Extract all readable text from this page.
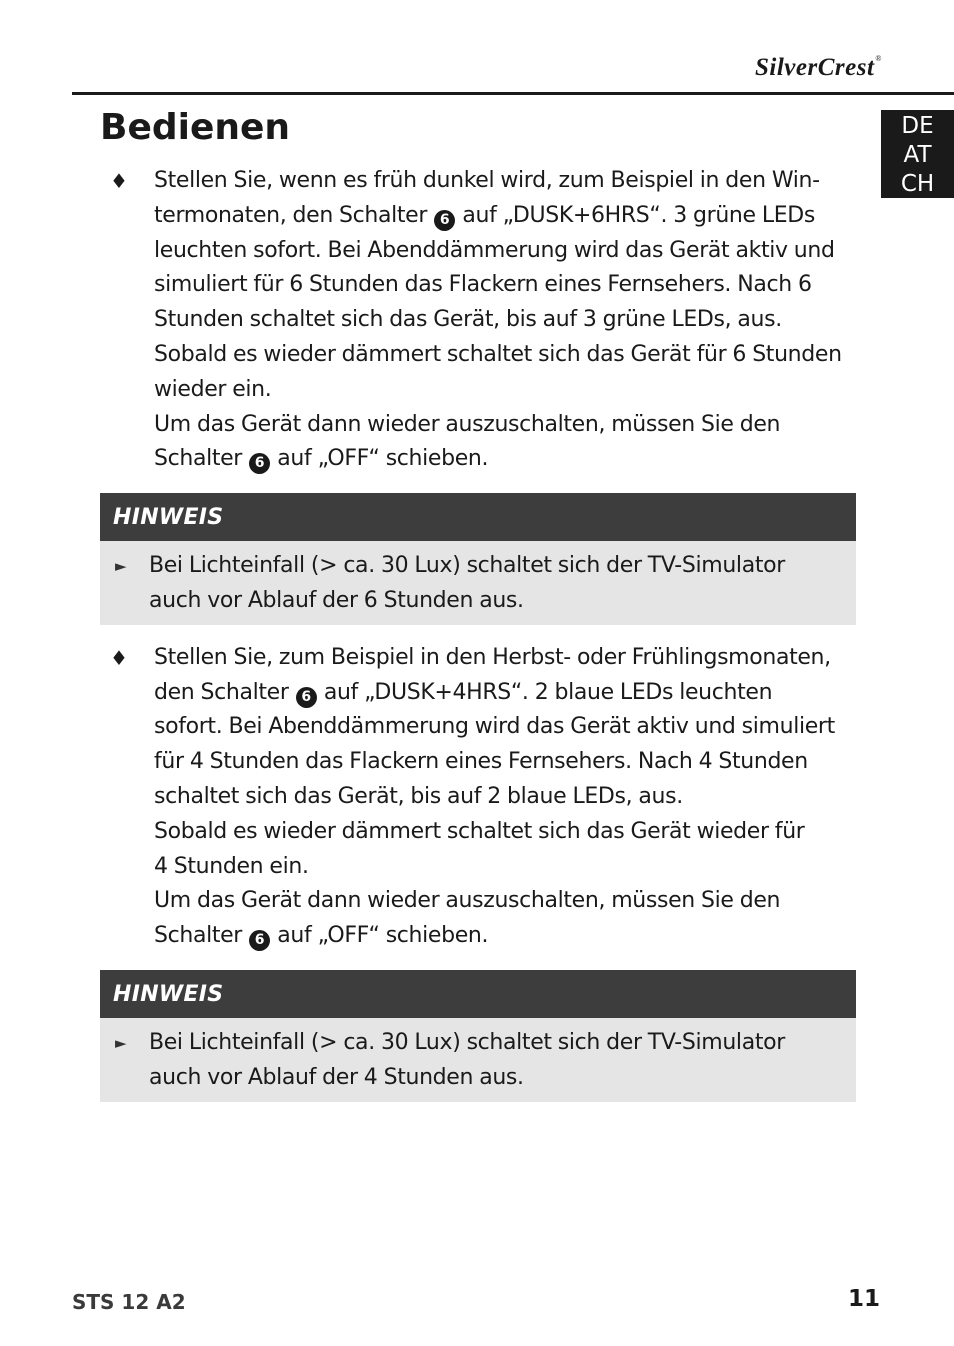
SilverCrest®
DE
AT
CH
Bedienen
♦ Stellen Sie, wenn es früh dunkel wird, zum Beispiel in den Win-

termonaten, den Schalter 6 auf „DUSK+6HRS“. 3 grüne LEDs

leuchten sofort. Bei Abenddämmerung wird das Gerät aktiv und

simuliert für 6 Stunden das Flackern eines Fernsehers. Nach 6

Stunden schaltet sich das Gerät, bis auf 3 grüne LEDs, aus.

Sobald es wieder dämmert schaltet sich das Gerät für 6 Stunden

wieder ein.

Um das Gerät dann wieder auszuschalten, müssen Sie den

Schalter 6 auf „OFF“ schieben.

HINWEIS
► Bei Lichteinfall (> ca. 30 Lux) schaltet sich der TV-Simulator

auch vor Ablauf der 6 Stunden aus.

♦ Stellen Sie, zum Beispiel in den Herbst- oder Frühlingsmonaten,

den Schalter 6 auf „DUSK+4HRS“. 2 blaue LEDs leuchten

sofort. Bei Abenddämmerung wird das Gerät aktiv und simuliert

für 4 Stunden das Flackern eines Fernsehers. Nach 4 Stunden

schaltet sich das Gerät, bis auf 2 blaue LEDs, aus.

Sobald es wieder dämmert schaltet sich das Gerät wieder für

4 Stunden ein.

Um das Gerät dann wieder auszuschalten, müssen Sie den

Schalter 6 auf „OFF“ schieben.

HINWEIS
► Bei Lichteinfall (> ca. 30 Lux) schaltet sich der TV-Simulator

auch vor Ablauf der 4 Stunden aus.

STS 12 A2	11
